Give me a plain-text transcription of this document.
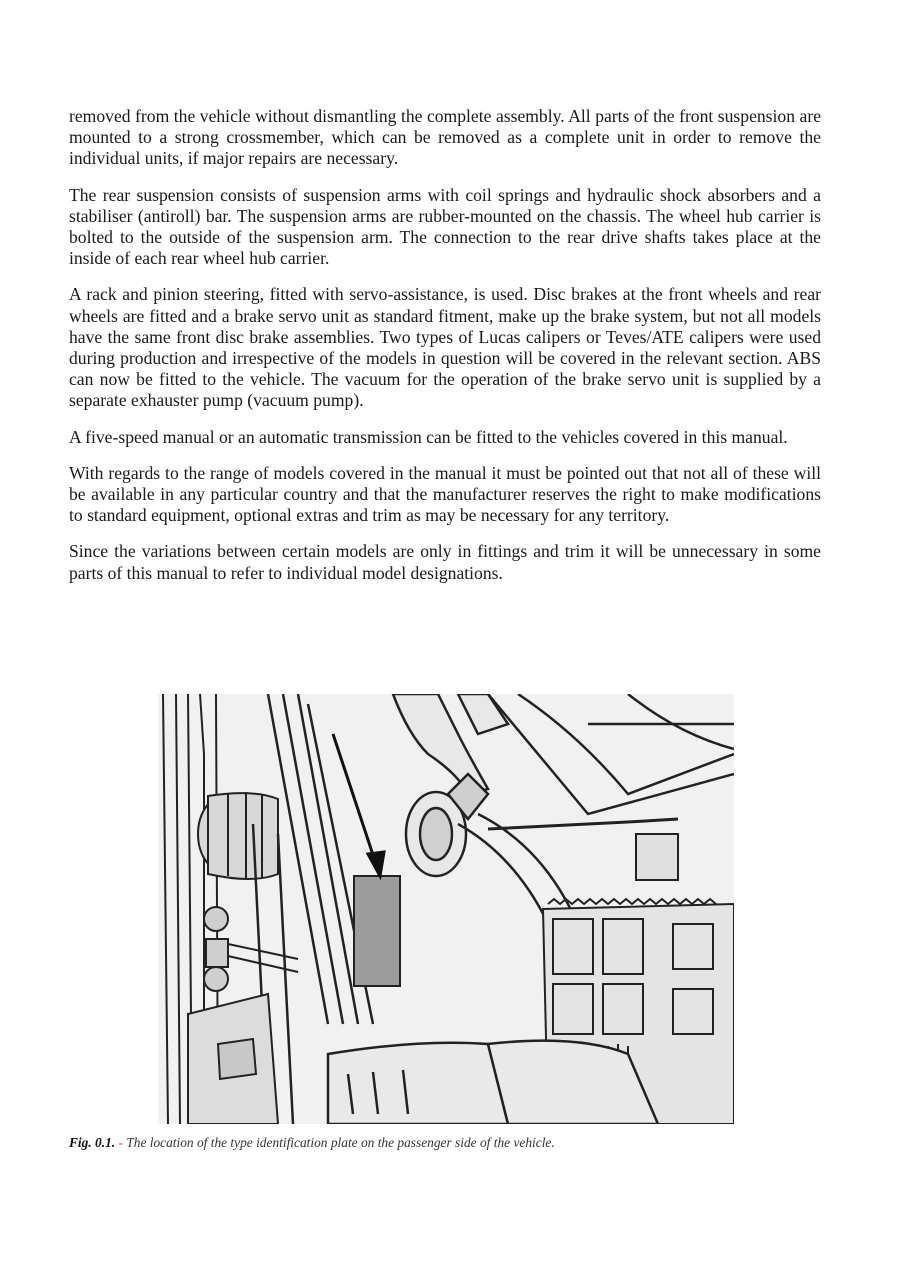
removed from the vehicle without dismantling the complete assembly. All parts of the front suspension are mounted to a strong crossmember, which can be removed as a complete unit in order to remove the individual units, if major repairs are necessary.

The rear suspension consists of suspension arms with coil springs and hydraulic shock absorbers and a stabiliser (antiroll) bar. The suspension arms are rubber-mounted on the chassis. The wheel hub carrier is bolted to the outside of the suspension arm. The connection to the rear drive shafts takes place at the inside of each rear wheel hub carrier.

A rack and pinion steering, fitted with servo-assistance, is used. Disc brakes at the front wheels and rear wheels are fitted and a brake servo unit as standard fitment, make up the brake system, but not all models have the same front disc brake assemblies. Two types of Lucas calipers or Teves/ATE calipers were used during production and irrespective of the models in question will be covered in the relevant section. ABS can now be fitted to the vehicle. The vacuum for the operation of the brake servo unit is supplied by a separate exhauster pump (vacuum pump).

A five-speed manual or an automatic transmission can be fitted to the vehicles covered in this manual.

With regards to the range of models covered in the manual it must be pointed out that not all of these will be available in any particular country and that the manufacturer reserves the right to make modifications to standard equipment, optional extras and trim as may be necessary for any territory.

Since the variations between certain models are only in fittings and trim it will be unnecessary in some parts of this manual to refer to individual model designations.

Fig. 0.1. - The location of the type identification plate on the passenger side of the vehicle.
